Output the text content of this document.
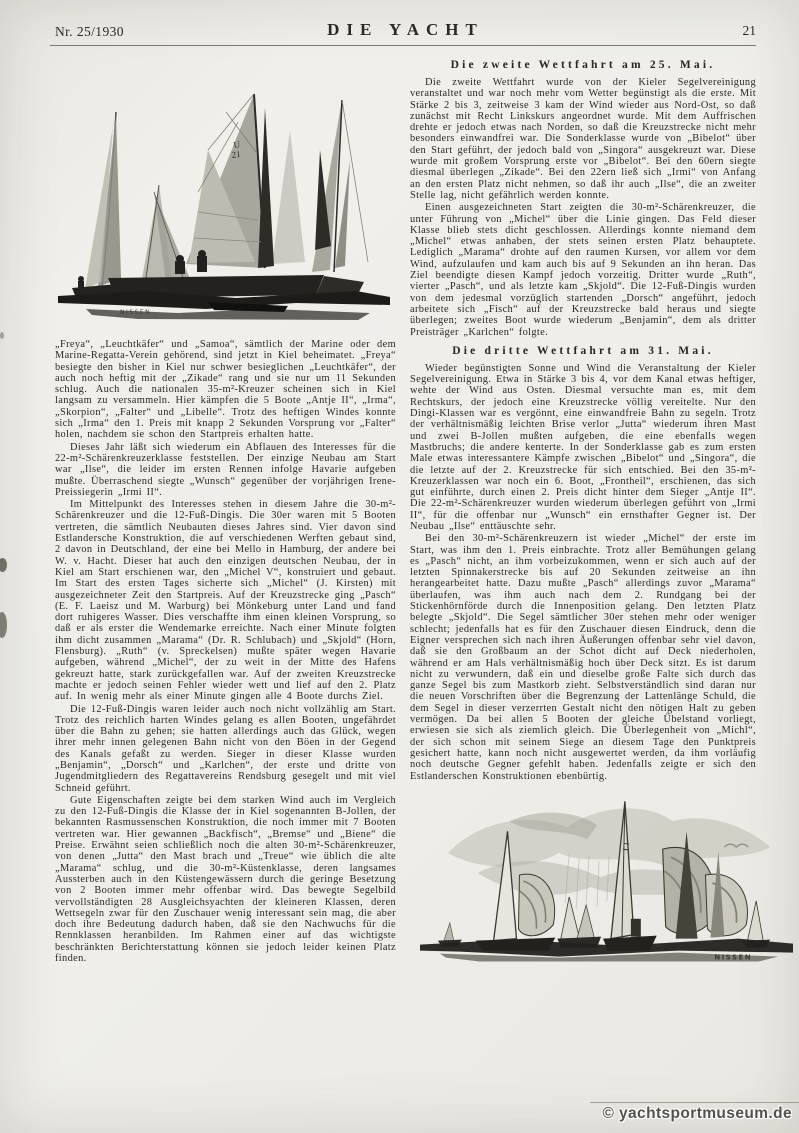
Nr. 25/1930	DIE YACHT	21
U
21
NISSEN

„Freya“, „Leuchtkäfer“ und „Samoa“, sämtlich der Marine oder dem Marine-Regatta-Verein gehörend, sind jetzt in Kiel beheimatet. „Freya“ besiegte den bisher in Kiel nur schwer besieglichen „Leuchtkäfer“, der auch noch heftig mit der „Zikade“ rang und sie nur um 11 Sekunden schlug. Auch die nationalen 35-m²-Kreuzer scheinen sich in Kiel langsam zu versammeln. Hier kämpfen die 5 Boote „Antje II“, „Irma“, „Skorpion“, „Falter“ und „Libelle“. Trotz des heftigen Windes konnte sich „Irma“ den 1. Preis mit knapp 2 Sekunden Vorsprung vor „Falter“ holen, nachdem sie schon den Startpreis erhalten hatte.

Dieses Jahr läßt sich wiederum ein Abflauen des Interesses für die 22-m²-Schärenkreuzerklasse feststellen. Der einzige Neubau am Start war „Ilse“, die leider im ersten Rennen infolge Havarie aufgeben mußte. Überraschend siegte „Wunsch“ gegenüber der vorjährigen Irene-Preissiegerin „Irmi II“.

Im Mittelpunkt des Interesses stehen in diesem Jahre die 30-m²-Schärenkreuzer und die 12-Fuß-Dingis. Die 30er waren mit 5 Booten vertreten, die sämtlich Neubauten dieses Jahres sind. Vier davon sind Estlandersche Konstruktion, die auf verschiedenen Werften gebaut sind, 2 davon in Deutschland, der eine bei Mello in Hamburg, der andere bei W. v. Hacht. Dieser hat auch den einzigen deutschen Neubau, der in Kiel am Start erschienen war, den „Michel V“, konstruiert und gebaut. Im Start des ersten Tages sicherte sich „Michel“ (J. Kirsten) mit ausgezeichneter Zeit den Startpreis. Auf der Kreuzstrecke ging „Pasch“ (E. F. Laeisz und M. Warburg) bei Mönkeburg unter Land und fand dort ruhigeres Wasser. Dies verschaffte ihm einen kleinen Vorsprung, so daß er als erster die Wendemarke erreichte. Nach einer Minute folgten ihm dicht zusammen „Marama“ (Dr. R. Schlubach) und „Skjold“ (Horn, Flensburg). „Ruth“ (v. Spreckelsen) mußte später wegen Havarie aufgeben, während „Michel“, der zu weit in der Mitte des Hafens gekreuzt hatte, stark zurückgefallen war. Auf der zweiten Kreuzstrecke machte er jedoch seinen Fehler wieder wett und lief auf den 2. Platz auf. In wenig mehr als einer Minute gingen alle 4 Boote durchs Ziel.

Die 12-Fuß-Dingis waren leider auch noch nicht vollzählig am Start. Trotz des reichlich harten Windes gelang es allen Booten, ungefährdet über die Bahn zu gehen; sie hatten allerdings auch das Glück, wegen ihrer mehr innen gelegenen Bahn nicht von den Böen in der Gegend des Kanals gefaßt zu werden. Sieger in dieser Klasse wurden „Benjamin“, „Dorsch“ und „Karlchen“, der erste und dritte von Jugendmitgliedern des Regattavereins Rendsburg gesegelt und mit viel Schneid geführt.

Gute Eigenschaften zeigte bei dem starken Wind auch im Vergleich zu den 12-Fuß-Dingis die Klasse der in Kiel sogenannten B-Jollen, der bekannten Rasmussenschen Konstruktion, die noch immer mit 7 Booten vertreten war. Hier gewannen „Backfisch“, „Bremse“ und „Biene“ die Preise. Erwähnt seien schließlich noch die alten 30-m²-Schärenkreuzer, von denen „Jutta“ den Mast brach und „Treue“ wie üblich die alte „Marama“ schlug, und die 30-m²-Küstenklasse, deren langsames Aussterben auch in den Küstengewässern durch die geringe Besetzung von 2 Booten immer mehr offenbar wird. Das bewegte Segelbild vervollständigten 28 Ausgleichsyachten der kleineren Klassen, deren Wettsegeln zwar für den Zuschauer wenig interessant sein mag, die aber doch ihre Bedeutung dadurch haben, daß sie den Nachwuchs für die Rennklassen heranbilden. Im Rahmen einer auf das wichtigste beschränkten Berichterstattung können sie jedoch leider keinen Platz finden.

Die zweite Wettfahrt am 25. Mai.

Die zweite Wettfahrt wurde von der Kieler Segelvereinigung veranstaltet und war noch mehr vom Wetter begünstigt als die erste. Mit Stärke 2 bis 3, zeitweise 3 kam der Wind wieder aus Nord-Ost, so daß zunächst mit Recht Linkskurs angeordnet wurde. Mit dem Auffrischen drehte er jedoch etwas nach Norden, so daß die Kreuzstrecke nicht mehr besonders einwandfrei war. Die Sonderklasse wurde von „Bibelot“ über den Start geführt, der jedoch bald von „Singora“ ausgekreuzt war. Diese wurde mit großem Vorsprung erste vor „Bibelot“. Bei den 60ern siegte diesmal überlegen „Zikade“. Bei den 22ern ließ sich „Irmi“ von Anfang an den ersten Platz nicht nehmen, so daß ihr auch „Ilse“, die an zweiter Stelle lag, nicht gefährlich werden konnte.

Einen ausgezeichneten Start zeigten die 30-m²-Schärenkreuzer, die unter Führung von „Michel“ über die Linie gingen. Das Feld dieser Klasse blieb stets dicht geschlossen. Allerdings konnte niemand dem „Michel“ etwas anhaben, der stets seinen ersten Platz behauptete. Lediglich „Marama“ drohte auf den raumen Kursen, vor allem vor dem Wind, aufzulaufen und kam auch bis auf 9 Sekunden an ihn heran. Das Ziel beendigte diesen Kampf jedoch vorzeitig. Dritter wurde „Ruth“, vierter „Pasch“, und als letzte kam „Skjold“. Die 12-Fuß-Dingis wurden von dem jedesmal vorzüglich startenden „Dorsch“ angeführt, jedoch arbeitete sich „Fisch“ auf der Kreuzstrecke bald heraus und siegte überlegen; zweites Boot wurde wiederum „Benjamin“, dem als dritter Preisträger „Karlchen“ folgte.

Die dritte Wettfahrt am 31. Mai.

Wieder begünstigten Sonne und Wind die Veranstaltung der Kieler Segelvereinigung. Etwa in Stärke 3 bis 4, vor dem Kanal etwas heftiger, wehte der Wind aus Osten. Diesmal versuchte man es, mit dem Rechtskurs, der jedoch eine Kreuzstrecke völlig vereitelte. Nur den Dingi-Klassen war es vergönnt, eine einwandfreie Bahn zu segeln. Trotz der verhältnismäßig leichten Brise verlor „Jutta“ wiederum ihren Mast und zwei B-Jollen mußten aufgeben, die eine ebenfalls wegen Mastbruchs; die andere kenterte. In der Sonderklasse gab es zum ersten Male etwas interessantere Kämpfe zwischen „Bibelot“ und „Singora“, die die letzte auf der 2. Kreuzstrecke für sich entschied. Bei den 35-m²-Kreuzerklassen war noch ein 6. Boot, „Frontheil“, erschienen, das sich gut einführte, durch einen 2. Preis dicht hinter dem Sieger „Antje II“. Die 22-m²-Schärenkreuzer wurden wiederum überlegen geführt von „Irmi II“, für die offenbar nur „Wunsch“ ein ernsthafter Gegner ist. Der Neubau „Ilse“ enttäuschte sehr.

Bei den 30-m²-Schärenkreuzern ist wieder „Michel“ der erste im Start, was ihm den 1. Preis einbrachte. Trotz aller Bemühungen gelang es „Pasch“ nicht, an ihm vorbeizukommen, wenn er sich auch auf der letzten Spinnakerstrecke bis auf 20 Sekunden zeitweise an ihn herangearbeitet hatte. Dazu mußte „Pasch“ allerdings zuvor „Marama“ überlaufen, was ihm auch nach dem 2. Rundgang bei der Stickenhörnförde durch die Innenposition gelang. Den letzten Platz belegte „Skjold“. Die Segel sämtlicher 30er stehen mehr oder weniger schlecht; jedenfalls hat es für den Zuschauer diesen Eindruck, denn die Eigner versprechen sich nach ihren Äußerungen offenbar sehr viel davon, daß sie den Großbaum an der Schot dicht auf Deck niederholen, während er am Hals verhältnismäßig hoch über Deck sitzt. Es ist darum nicht zu verwundern, daß ein und dieselbe große Falte sich durch das ganze Segel bis zum Mastkorb zieht. Selbstverständlich sind daran nur die neuen Vorschriften über die Begrenzung der Lattenlänge Schuld, die dem Segel in dieser verzerrten Gestalt nicht den nötigen Halt zu geben vermögen. Da bei allen 5 Booten der gleiche Übelstand vorliegt, erwiesen sie sich als ziemlich gleich. Die Überlegenheit von „Michl“, der sich schon mit seinem Siege an diesem Tage den Punktpreis gesichert hatte, kann noch nicht ausgewertet werden, da ihm vorläufig noch deutsche Gegner gefehlt haben. Jedenfalls zeigte er sich den Estlanderschen Konstruktionen ebenbürtig.

NISSEN
© yachtsportmuseum.de
